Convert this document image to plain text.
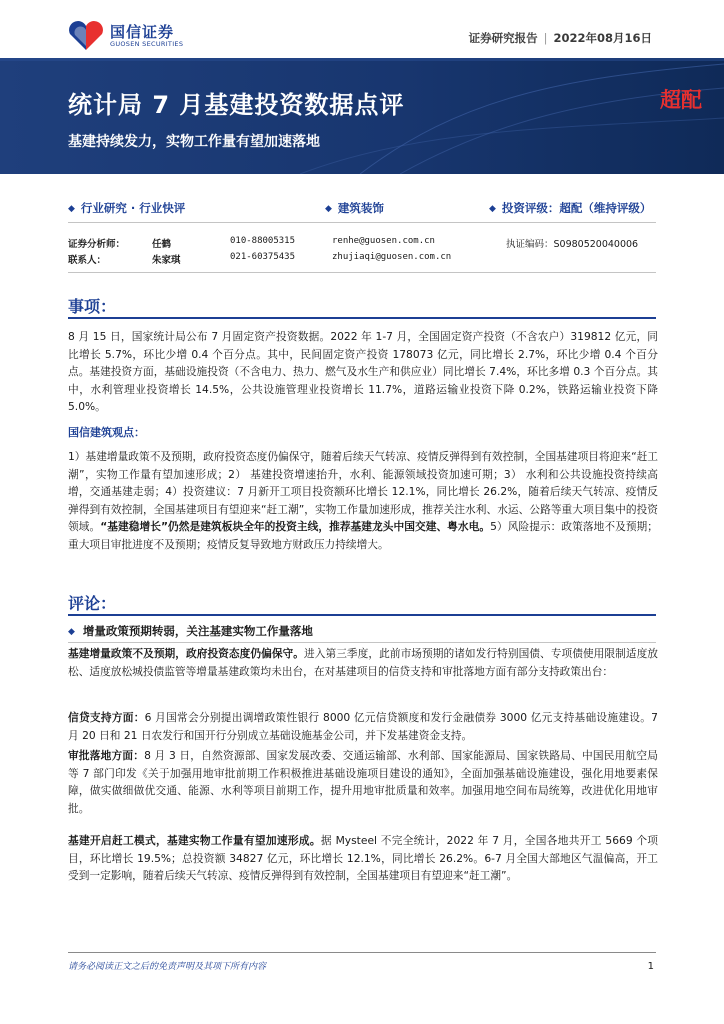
国信证券
GUOSEN SECURITIES	证券研究报告 | 2022年08月16日
统计局 7 月基建投资数据点评
基建持续发力，实物工作量有望加速落地
超配
◆ 行业研究 · 行业快评	◆ 建筑装饰	◆ 投资评级：超配（维持评级）
证券分析师：	任鹤	010-88005315	renhe@guosen.com.cn	执证编码：S0980520040006
联系人：	朱家琪	021-60375435	zhujiaqi@guosen.com.cn
事项：
8 月 15 日，国家统计局公布 7 月固定资产投资数据。2022 年 1-7 月，全国固定资产投资（不含农户）319812 亿元，同比增长 5.7%，环比少增 0.4 个百分点。其中，民间固定资产投资 178073 亿元，同比增长 2.7%，环比少增 0.4 个百分点。基建投资方面，基础设施投资（不含电力、热力、燃气及水生产和供应业）同比增长 7.4%，环比多增 0.3 个百分点。其中，水利管理业投资增长 14.5%，公共设施管理业投资增长 11.7%，道路运输业投资下降 0.2%，铁路运输业投资下降 5.0%。
国信建筑观点：
1）基建增量政策不及预期，政府投资态度仍偏保守，随着后续天气转凉、疫情反弹得到有效控制，全国基建项目将迎来“赶工潮”，实物工作量有望加速形成；2） 基建投资增速抬升，水利、能源领域投资加速可期；3） 水利和公共设施投资持续高增，交通基建走弱；4）投资建议：7 月新开工项目投资额环比增长 12.1%，同比增长 26.2%，随着后续天气转凉、疫情反弹得到有效控制，全国基建项目有望迎来“赶工潮”，实物工作量加速形成，推荐关注水利、水运、公路等重大项目集中的投资领域。“基建稳增长”仍然是建筑板块全年的投资主线，推荐基建龙头中国交建、粤水电。5）风险提示：政策落地不及预期；重大项目审批进度不及预期；疫情反复导致地方财政压力持续增大。
评论：
◆ 增量政策预期转弱，关注基建实物工作量落地
基建增量政策不及预期，政府投资态度仍偏保守。进入第三季度，此前市场预期的诸如发行特别国债、专项债使用限制适度放松、适度放松城投债监管等增量基建政策均未出台，在对基建项目的信贷支持和审批落地方面有部分支持政策出台：
信贷支持方面：6 月国常会分别提出调增政策性银行 8000 亿元信贷额度和发行金融债券 3000 亿元支持基础设施建设。7 月 20 日和 21 日农发行和国开行分别成立基础设施基金公司，并下发基建资金支持。
审批落地方面：8 月 3 日，自然资源部、国家发展改委、交通运输部、水利部、国家能源局、国家铁路局、中国民用航空局等 7 部门印发《关于加强用地审批前期工作积极推进基础设施项目建设的通知》，全面加强基础设施建设，强化用地要素保障，做实做细做优交通、能源、水利等项目前期工作，提升用地审批质量和效率。加强用地空间布局统筹，改进优化用地审批。
基建开启赶工模式，基建实物工作量有望加速形成。据 Mysteel 不完全统计，2022 年 7 月，全国各地共开工 5669 个项目，环比增长 19.5%；总投资额 34827 亿元，环比增长 12.1%，同比增长 26.2%。6-7 月全国大部地区气温偏高，开工受到一定影响，随着后续天气转凉、疫情反弹得到有效控制，全国基建项目有望迎来“赶工潮”。
请务必阅读正文之后的免责声明及其项下所有内容	1
